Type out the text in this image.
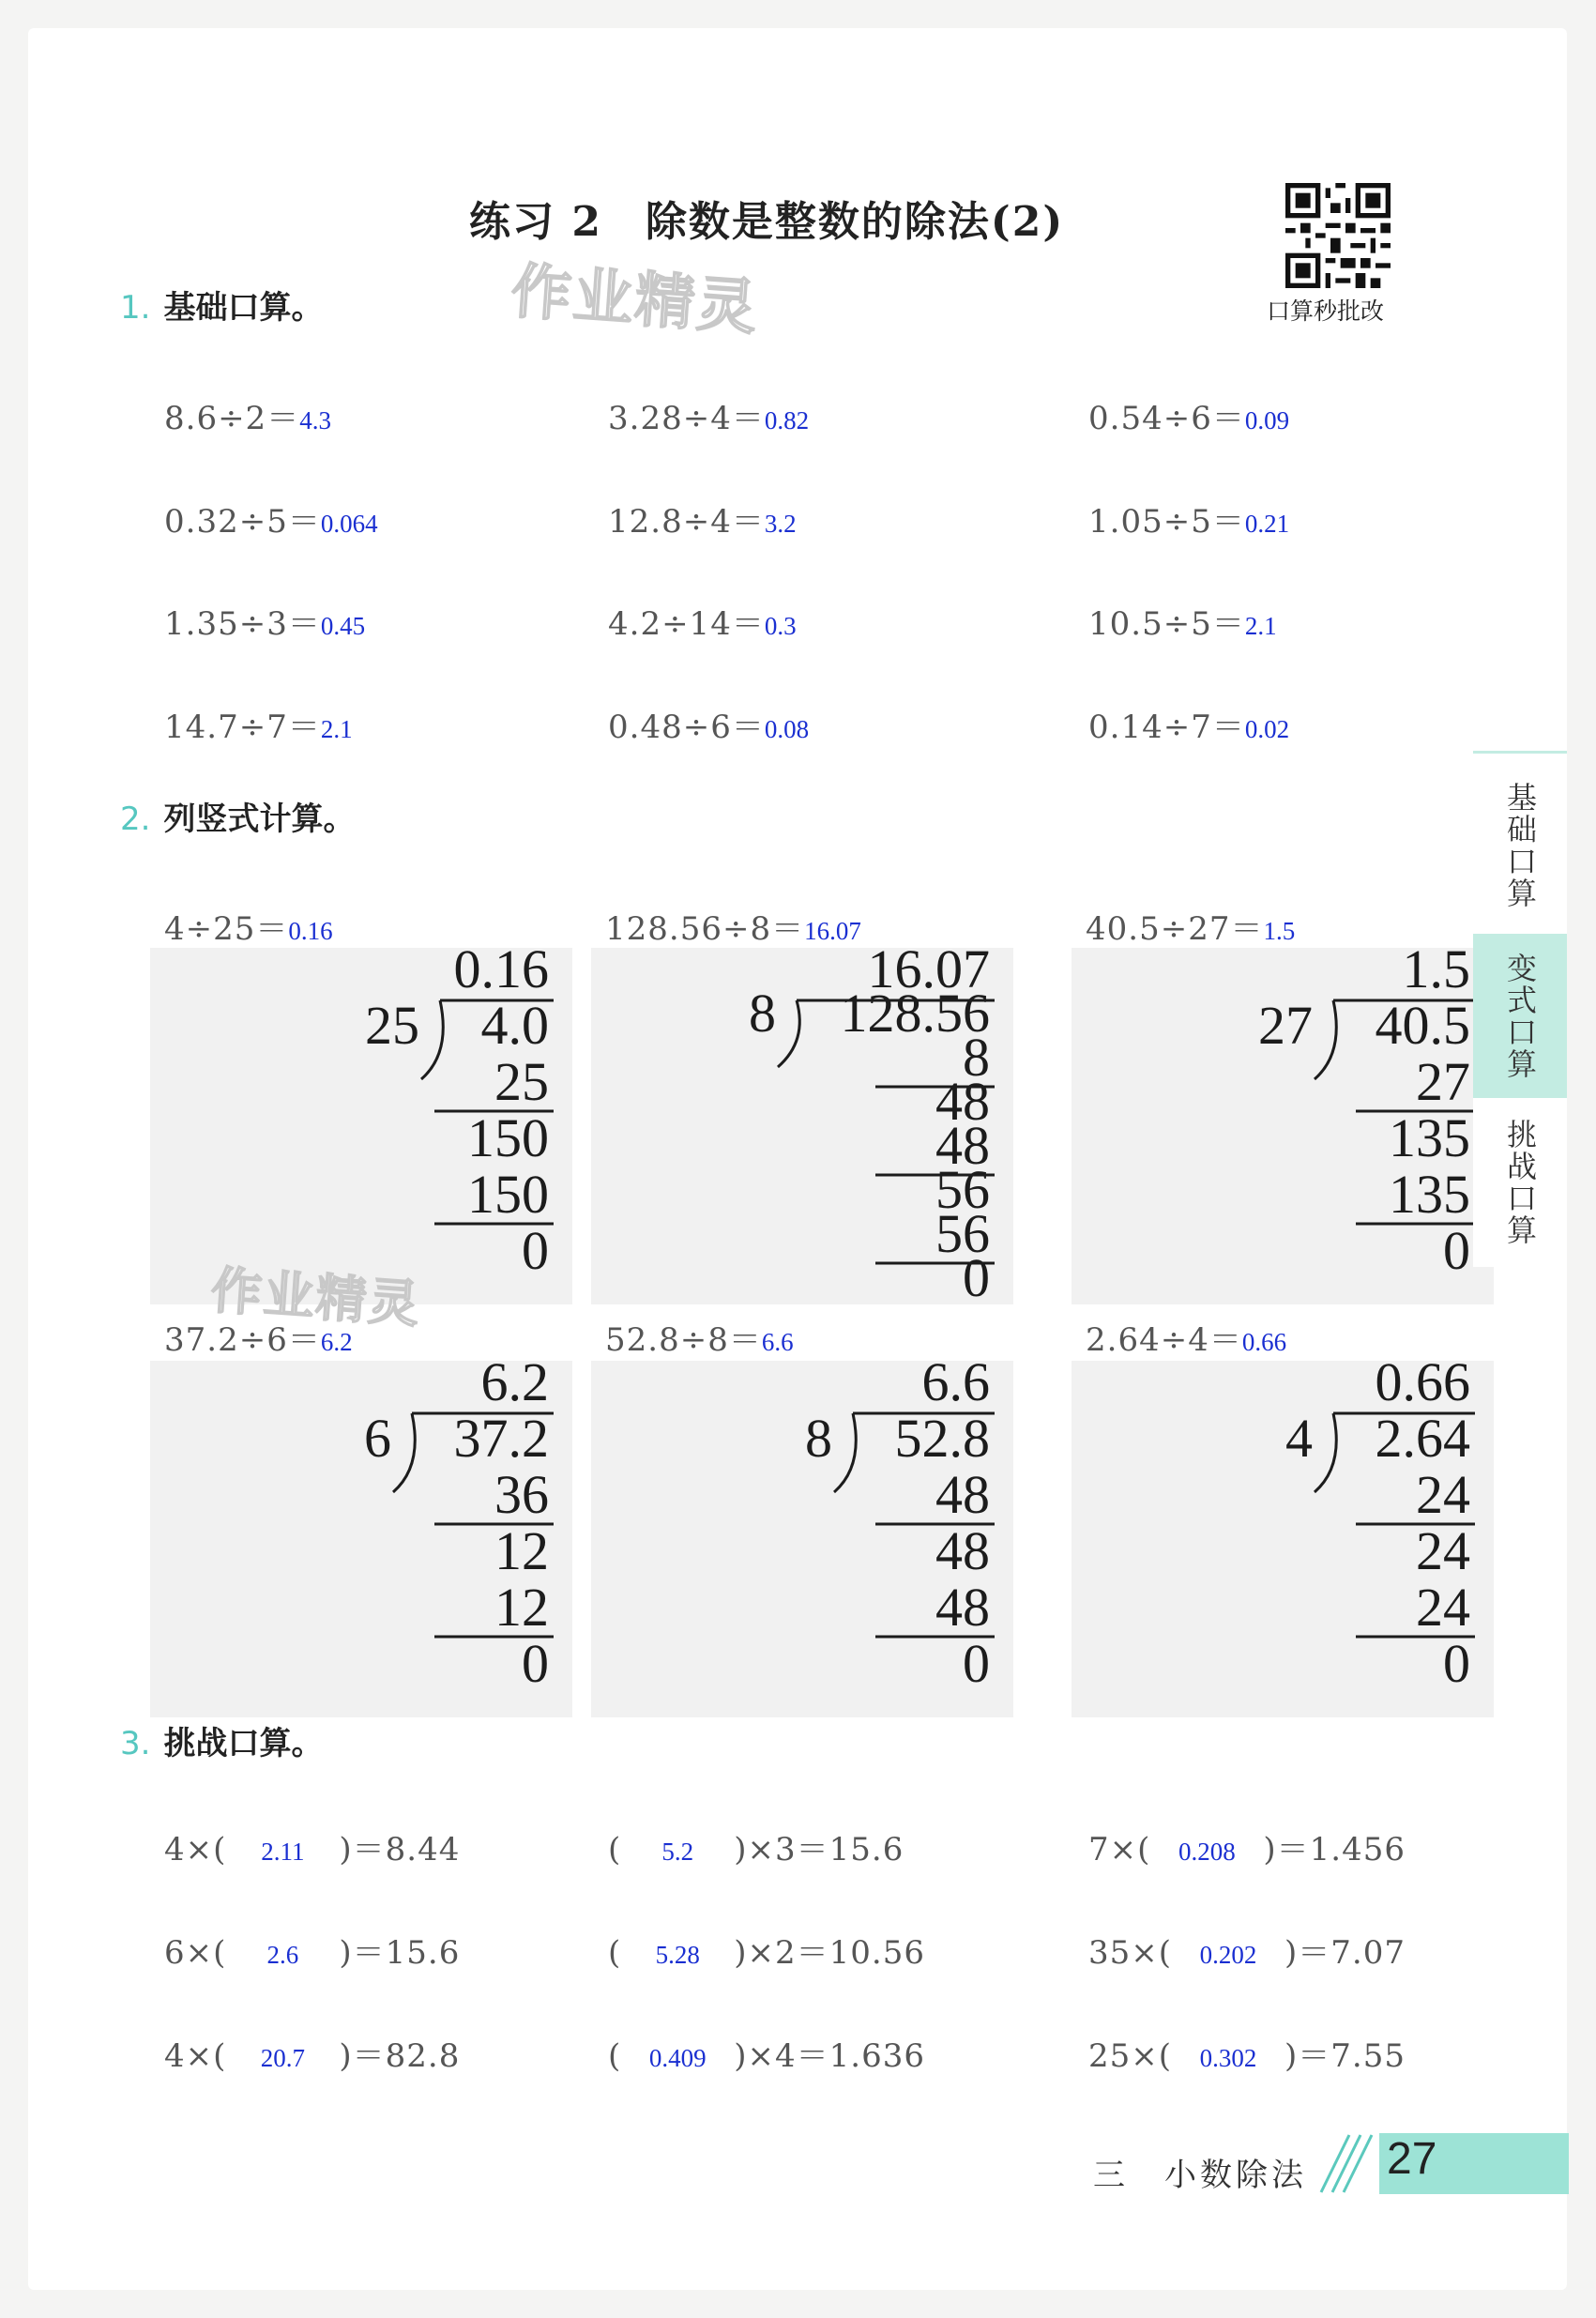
练习 2　除数是整数的除法(2)
口算秒批改
作业精灵
1. 基础口算。
8.6÷2＝4.3	3.28÷4＝0.82	0.54÷6＝0.09
0.32÷5＝0.064	12.8÷4＝3.2	1.05÷5＝0.21
1.35÷3＝0.45	4.2÷14＝0.3	10.5÷5＝2.1
14.7÷7＝2.1	0.48÷6＝0.08	0.14÷7＝0.02
2. 列竖式计算。
4÷25＝0.16
0.16
25 4.0
25
150
150
0
128.56÷8＝16.07
16.07
8 128.56
8
48
48
56
56
0
40.5÷27＝1.5
1.5
27 40.5
27
135
135
0
37.2÷6＝6.2
6.2
6 37.2
36
12
12
0
52.8÷8＝6.6
6.6
8 52.8
48
48
48
0
2.64÷4＝0.66
0.66
4 2.64
24
24
24
0
作业精灵
3. 挑战口算。
4×( 2.11 )＝8.44	( 5.2 )×3＝15.6	7×( 0.208 )＝1.456
6×( 2.6 )＝15.6	( 5.28 )×2＝10.56	35×( 0.202 )＝7.07
4×( 20.7 )＝82.8	( 0.409 )×4＝1.636	25×( 0.302 )＝7.55
基础口算
变式口算
挑战口算
三　小数除法 27
